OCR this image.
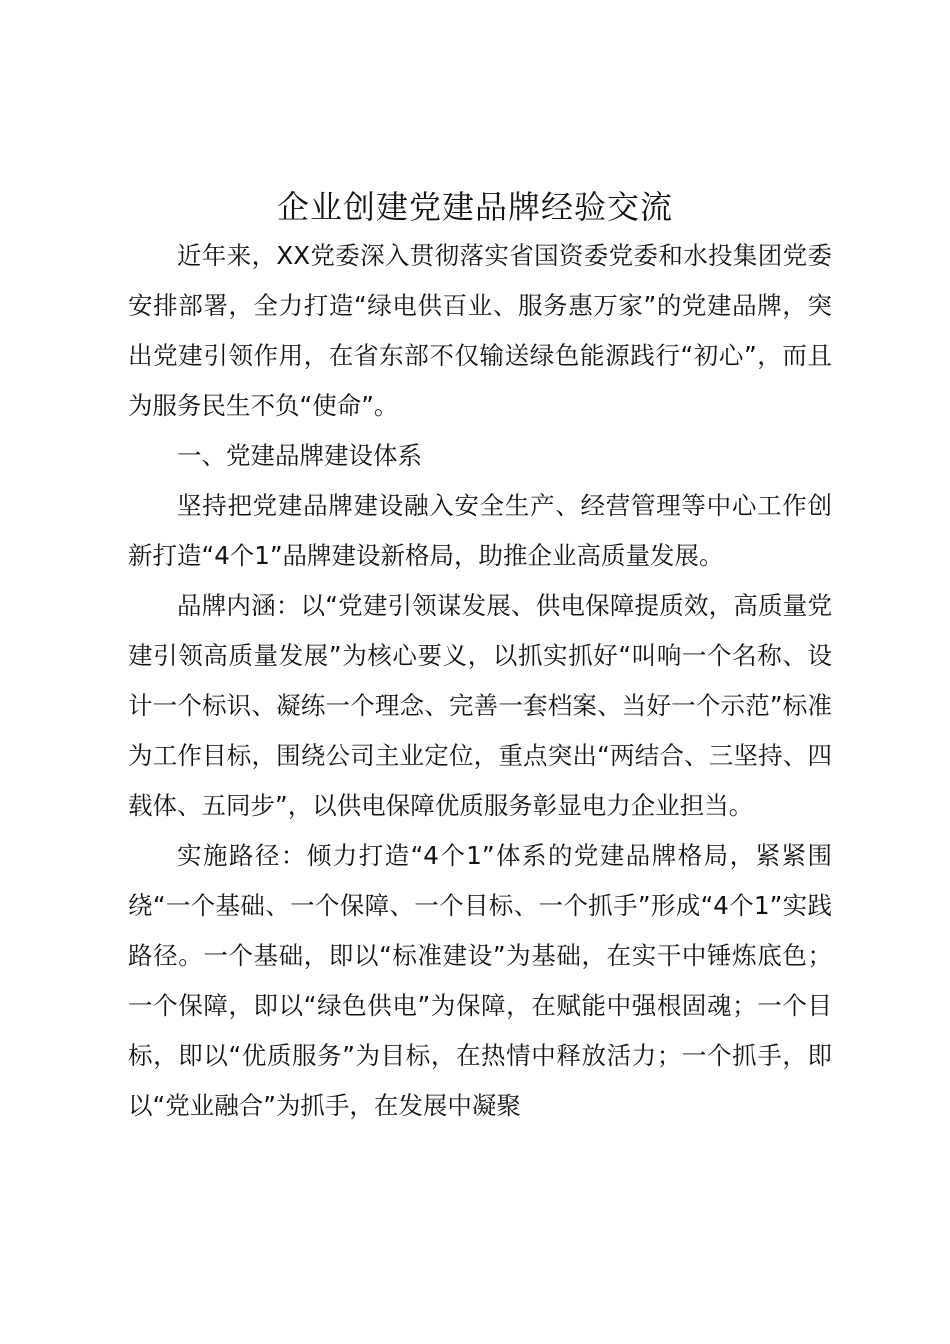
企业创建党建品牌经验交流

近年来，XX党委深入贯彻落实省国资委党委和水投集团党委安排部署，全力打造“绿电供百业、服务惠万家”的党建品牌，突出党建引领作用，在省东部不仅输送绿色能源践行“初心”，而且为服务民生不负“使命”。

一、党建品牌建设体系

坚持把党建品牌建设融入安全生产、经营管理等中心工作创新打造“4个1”品牌建设新格局，助推企业高质量发展。

品牌内涵：以“党建引领谋发展、供电保障提质效，高质量党建引领高质量发展”为核心要义，以抓实抓好“叫响一个名称、设计一个标识、凝练一个理念、完善一套档案、当好一个示范”标准为工作目标，围绕公司主业定位，重点突出“两结合、三坚持、四载体、五同步”，以供电保障优质服务彰显电力企业担当。

实施路径：倾力打造“4个1”体系的党建品牌格局，紧紧围绕“一个基础、一个保障、一个目标、一个抓手”形成“4个1”实践路径。一个基础，即以“标准建设”为基础，在实干中锤炼底色；一个保障，即以“绿色供电”为保障，在赋能中强根固魂；一个目标，即以“优质服务”为目标，在热情中释放活力；一个抓手，即以“党业融合”为抓手，在发展中凝聚
